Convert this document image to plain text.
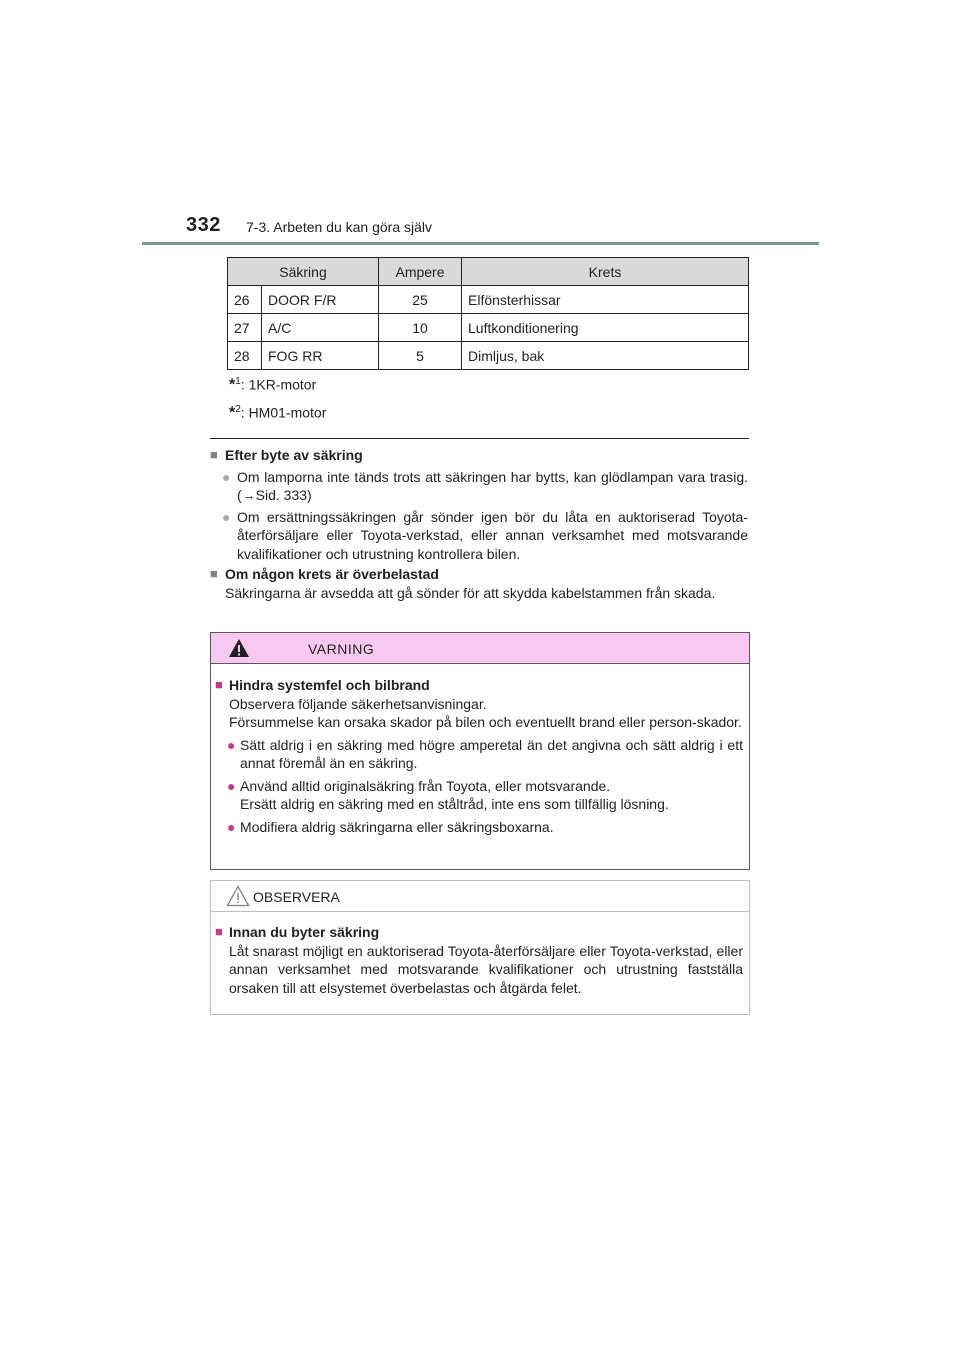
332 7-3. Arbeten du kan göra själv
Säkring		Ampere	Krets
26	DOOR F/R	25	Elfönsterhissar
27	A/C	10	Luftkonditionering
28	FOG RR	5	Dimljus, bak
*$^1$: 1KR-motor
*$^2$: HM01-motor
■ Efter byte av säkring
● Om lamporna inte tänds trots att säkringen har bytts, kan glödlampan vara trasig. (→Sid. 333)
● Om ersättningssäkringen går sönder igen bör du låta en auktoriserad Toyota-återförsäljare eller Toyota-verkstad, eller annan verksamhet med motsvarande kvalifikationer och utrustning kontrollera bilen.
■ Om någon krets är överbelastad
Säkringarna är avsedda att gå sönder för att skydda kabelstammen från skada.
VARNING
■ Hindra systemfel och bilbrand
Observera följande säkerhetsanvisningar.
Försummelse kan orsaka skador på bilen och eventuellt brand eller person-skador.
● Sätt aldrig i en säkring med högre amperetal än det angivna och sätt aldrig i ett annat föremål än en säkring.
● Använd alltid originalsäkring från Toyota, eller motsvarande.
Ersätt aldrig en säkring med en ståltråd, inte ens som tillfällig lösning.
● Modifiera aldrig säkringarna eller säkringsboxarna.
OBSERVERA
■ Innan du byter säkring
Låt snarast möjligt en auktoriserad Toyota-återförsäljare eller Toyota-verkstad, eller annan verksamhet med motsvarande kvalifikationer och utrustning fastställa orsaken till att elsystemet överbelastas och åtgärda felet.
